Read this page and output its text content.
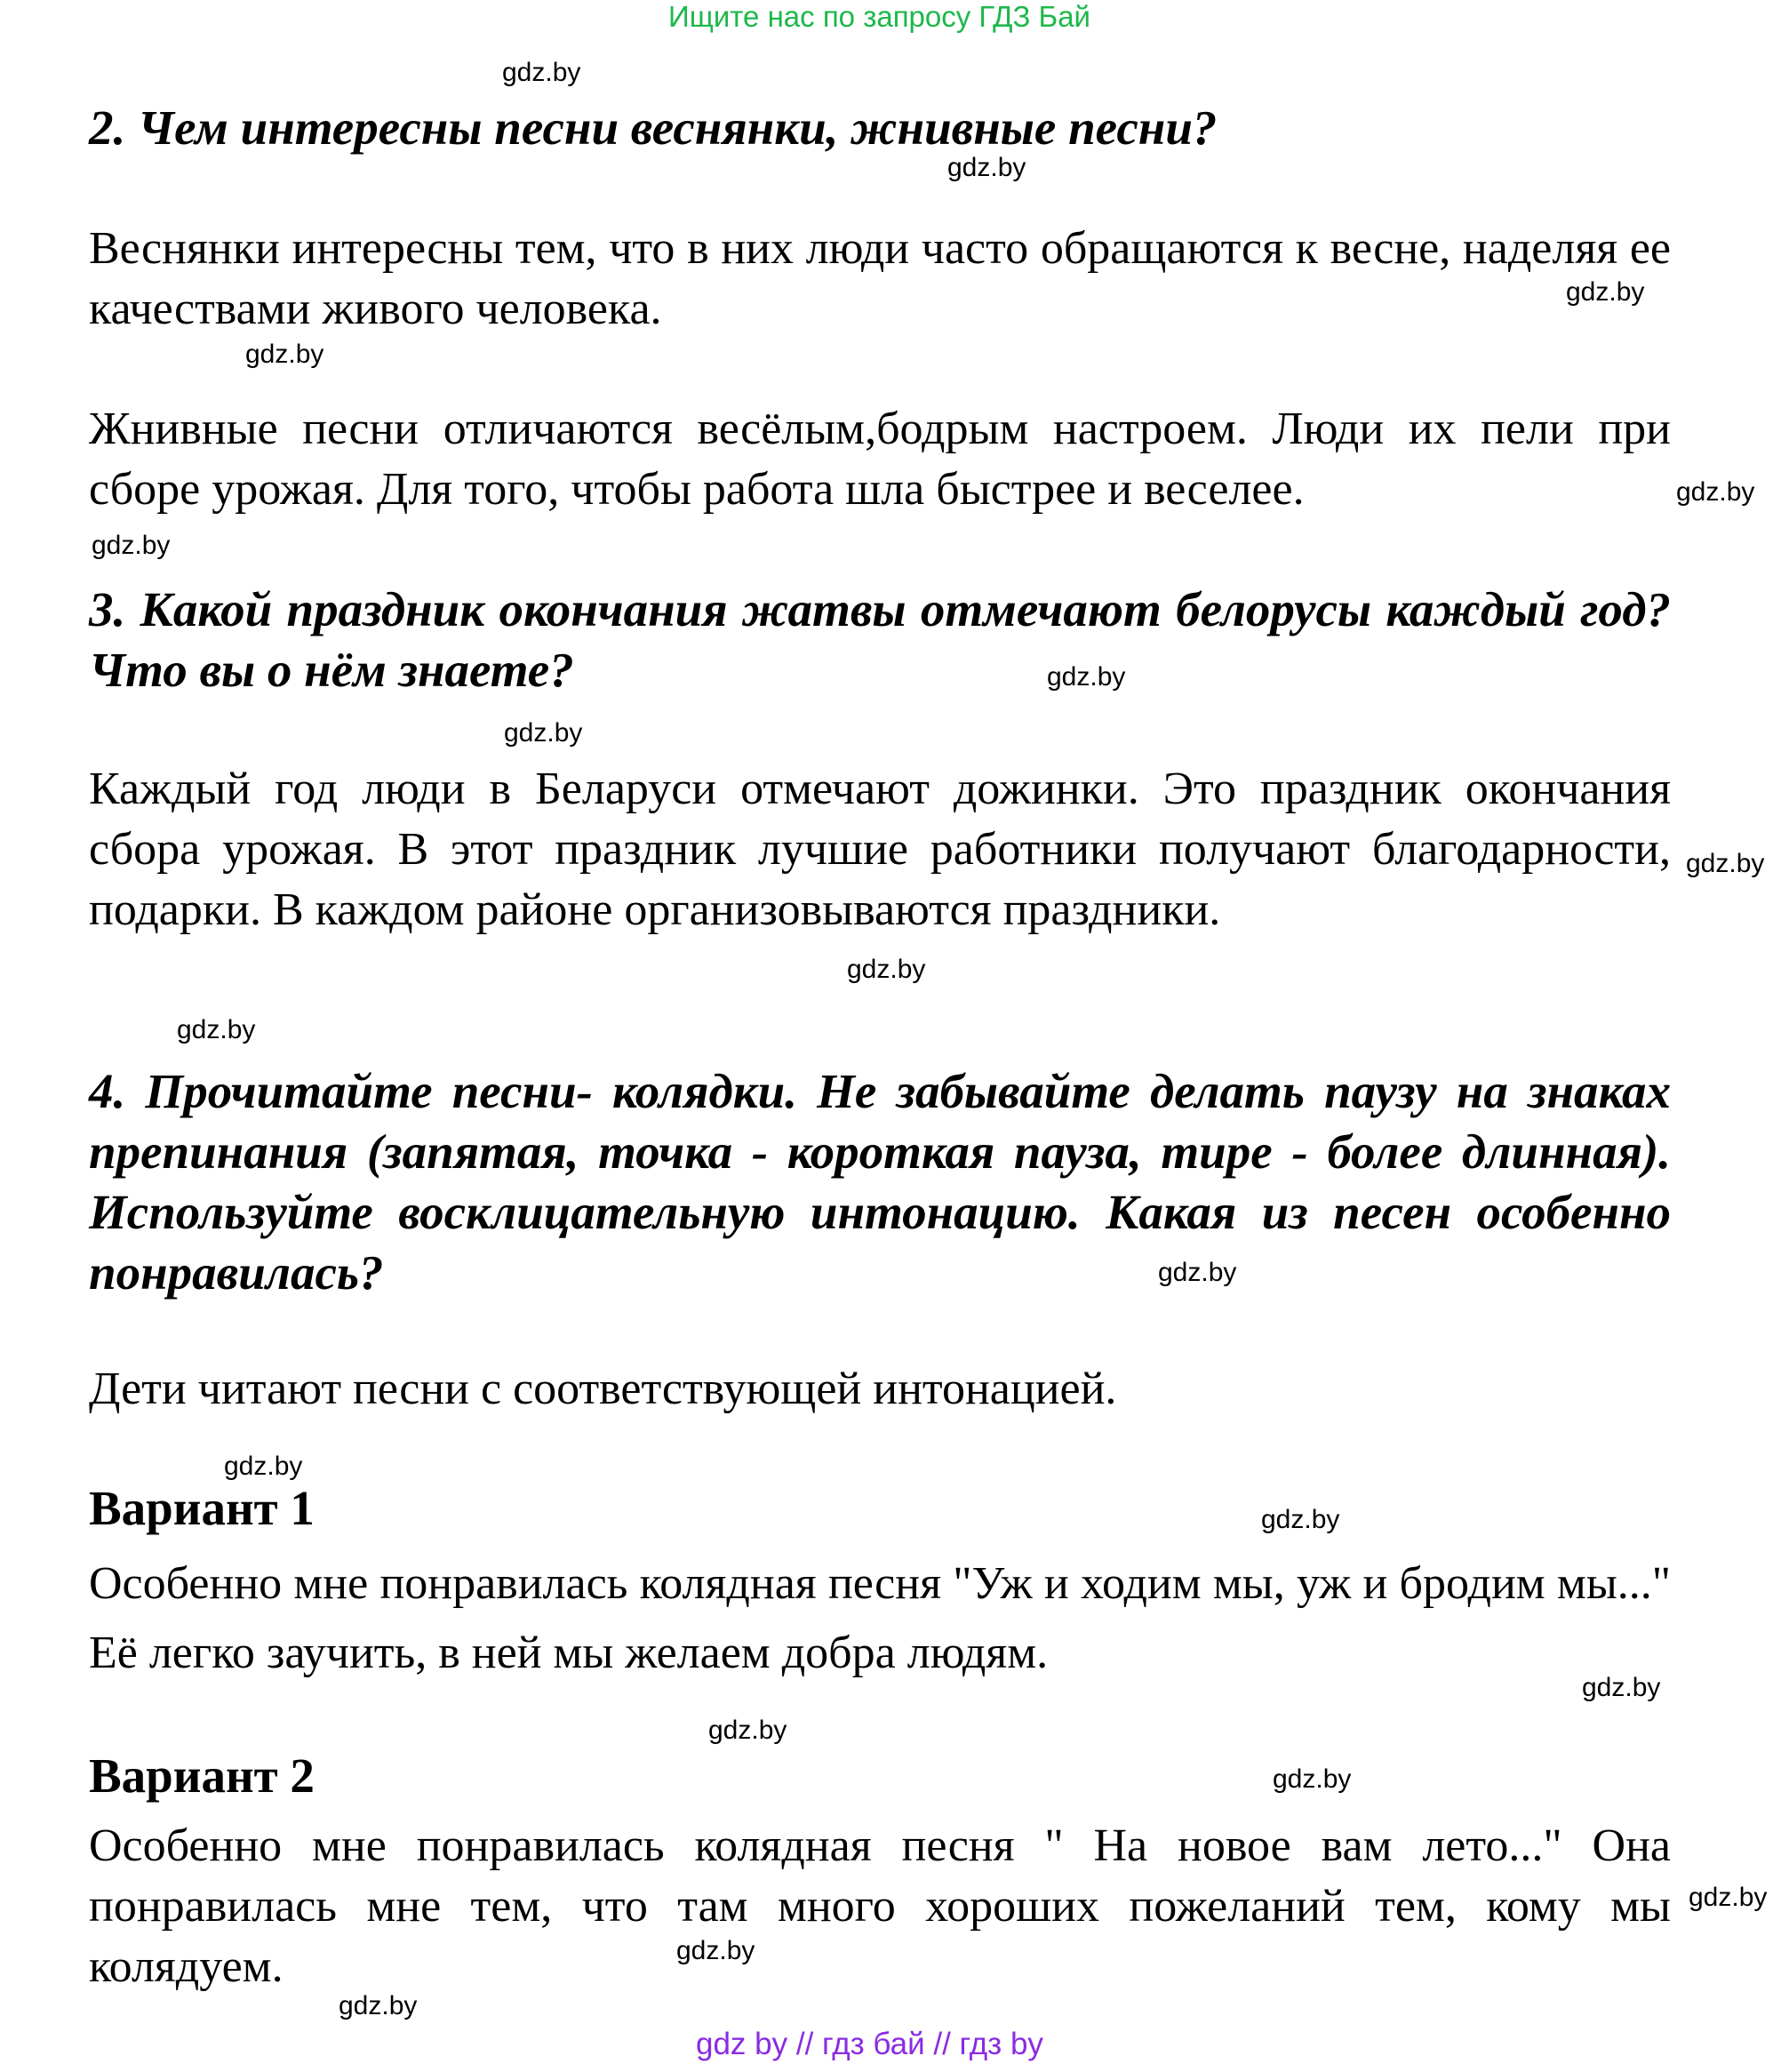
Ищите нас по запросу ГДЗ Бай
gdz.by
gdz.by
gdz.by
gdz.by
gdz.by
gdz.by
gdz.by
gdz.by
gdz.by
gdz.by
gdz.by
gdz.by
gdz.by
gdz.by
gdz.by
gdz.by
gdz.by
gdz.by
gdz.by
gdz.by
2. Чем интересны песни веснянки, жнивные песни?
Веснянки интересны тем, что в них люди часто обращаются к весне, наделяя ее качествами живого человека.
Жнивные песни отличаются весёлым,бодрым настроем. Люди их пели при сборе урожая. Для того, чтобы работа шла быстрее и веселее.
3. Какой праздник окончания жатвы отмечают белорусы каждый год? Что вы о нём знаете?
Каждый год люди в Беларуси отмечают дожинки. Это праздник окончания сбора урожая. В этот праздник лучшие работники получают благодарности, подарки. В каждом районе организовываются праздники.
4. Прочитайте песни- колядки. Не забывайте делать паузу на знаках препинания (запятая, точка - короткая пауза, тире - более длинная). Используйте восклицательную интонацию. Какая из песен особенно понравилась?
Дети читают песни с соответствующей интонацией.
Вариант 1
Особенно мне понравилась колядная песня "Уж и ходим мы, уж и бродим мы..." Её легко заучить, в ней мы желаем добра людям.
Вариант 2
Особенно мне понравилась колядная песня " На новое вам лето..." Она понравилась мне тем, что там много хороших пожеланий тем, кому мы колядуем.
gdz by // гдз бай // гдз by
